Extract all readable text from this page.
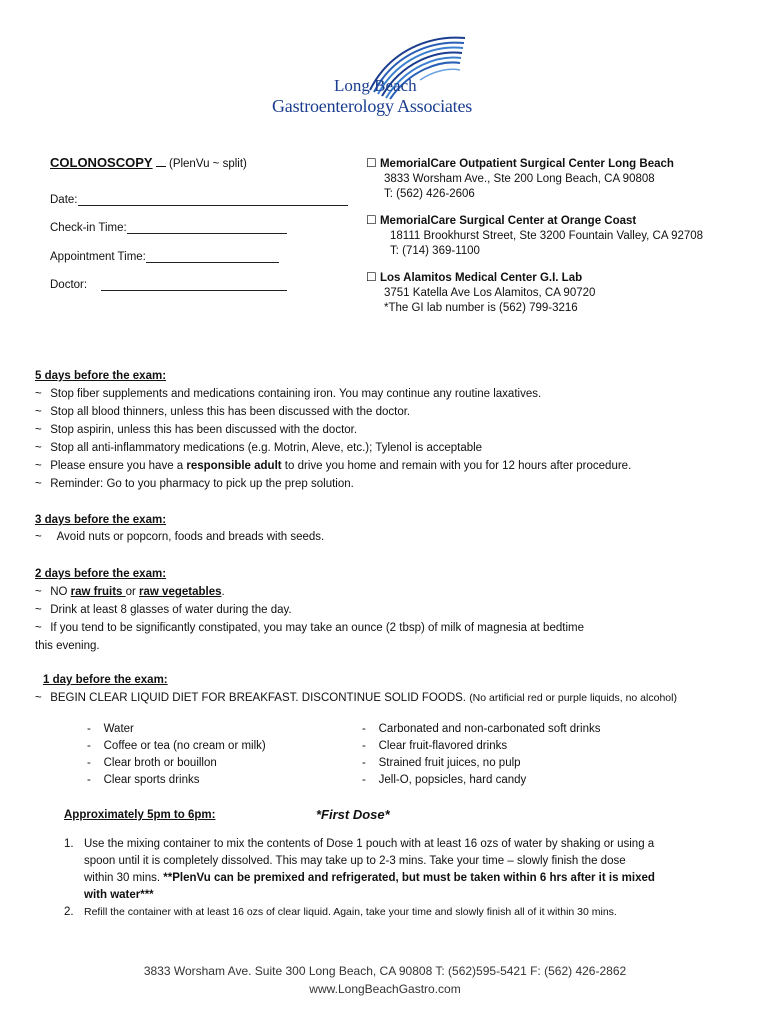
Long Beach
Gastroenterology Associates
COLONOSCOPY (PlenVu ~ split)
Date:
Check-in Time:
Appointment Time:
Doctor:
☐ MemorialCare Outpatient Surgical Center Long Beach
3833 Worsham Ave., Ste 200 Long Beach, CA 90808
T: (562) 426-2606
☐ MemorialCare Surgical Center at Orange Coast
18111 Brookhurst Street, Ste 3200 Fountain Valley, CA 92708
T: (714) 369-1100
☐ Los Alamitos Medical Center G.I. Lab
3751 Katella Ave Los Alamitos, CA 90720
*The GI lab number is (562) 799-3216
5 days before the exam:
~ Stop fiber supplements and medications containing iron. You may continue any routine laxatives.
~ Stop all blood thinners, unless this has been discussed with the doctor.
~ Stop aspirin, unless this has been discussed with the doctor.
~ Stop all anti-inflammatory medications (e.g. Motrin, Aleve, etc.); Tylenol is acceptable
~ Please ensure you have a responsible adult to drive you home and remain with you for 12 hours after procedure.
~ Reminder: Go to you pharmacy to pick up the prep solution.
3 days before the exam:
~ Avoid nuts or popcorn, foods and breads with seeds.
2 days before the exam:
~ NO raw fruits or raw vegetables.
~ Drink at least 8 glasses of water during the day.
~ If you tend to be significantly constipated, you may take an ounce (2 tbsp) of milk of magnesia at bedtime
this evening.
1 day before the exam:
~ BEGIN CLEAR LIQUID DIET FOR BREAKFAST. DISCONTINUE SOLID FOODS. (No artificial red or purple liquids, no alcohol)
-    Water
-    Coffee or tea (no cream or milk)
-    Clear broth or bouillon
-    Clear sports drinks
-    Carbonated and non-carbonated soft drinks
-    Clear fruit-flavored drinks
-    Strained fruit juices, no pulp
-    Jell-O, popsicles, hard candy
Approximately 5pm to 6pm:	*First Dose*
1. Use the mixing container to mix the contents of Dose 1 pouch with at least 16 ozs of water by shaking or using a
spoon until it is completely dissolved. This may take up to 2-3 mins. Take your time – slowly finish the dose
within 30 mins. **PlenVu can be premixed and refrigerated, but must be taken within 6 hrs after it is mixed
with water***
2. Refill the container with at least 16 ozs of clear liquid. Again, take your time and slowly finish all of it within 30 mins.
3833 Worsham Ave. Suite 300 Long Beach, CA 90808 T: (562)595-5421 F: (562) 426-2862
www.LongBeachGastro.com
